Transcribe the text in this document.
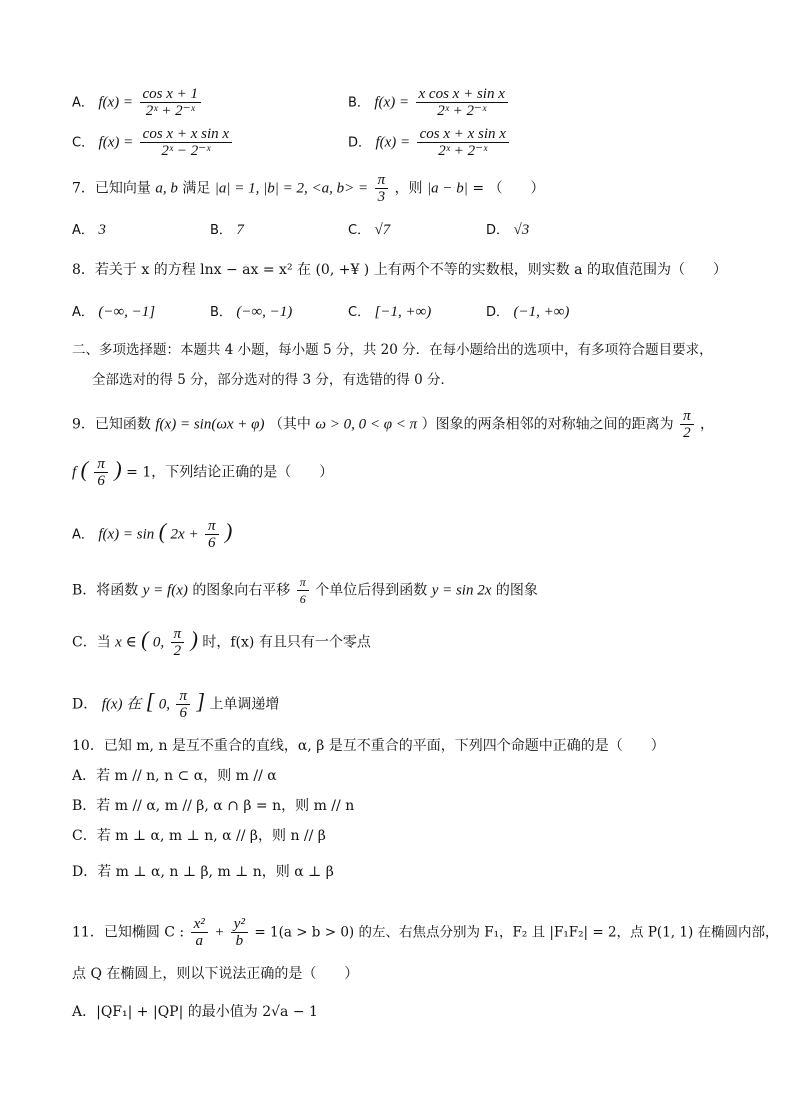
A． $f(x) = \frac{\text{cos x + 1}}{\text{2ˣ + 2⁻ˣ}}$	B． $f(x) = \frac{\text{x cos x + sin x}}{\text{2ˣ + 2⁻ˣ}}$
C． $f(x) = \frac{\text{cos x + x sin x}}{\text{2ˣ − 2⁻ˣ}}$	D． $f(x) = \frac{\text{cos x + x sin x}}{\text{2ˣ + 2⁻ˣ}}$
7．已知向量 a, b 满足 |a| = 1, |b| = 2, <a, $b> = \frac{\pi}{3}$ ，则 |a − b| = （　　）
A． 3	B． 7	C． √7	D． √3
8．若关于 x 的方程 lnx − ax = x² 在 (0, +¥ ) 上有两个不等的实数根，则实数 a 的取值范围为（　　）
A． (−∞, −1]	B． (−∞, −1)	C． [−1, +∞)	D． (−1, +∞)
二、多项选择题：本题共 4 小题，每小题 5 分，共 20 分．在每小题给出的选项中，有多项符合题目要求，
全部选对的得 5 分，部分选对的得 3 分，有选错的得 0 分．
9．已知函数 f(x) = sin(ωx + φ) （其中 ω > 0, 0 < φ < π ）图象的两条相邻的对称轴之间的距离为 $\frac{\pi}{2}$ ，
f ( $\frac{\pi}{6}$ ) = 1，下列结论正确的是（　　）
A． f(x) = sin ( $2x + \frac{\pi}{6}$ )
B．将函数 y = f(x) 的图象向右平移 $\frac{\pi}{6}$ 个单位后得到函数 y = sin 2x 的图象
C．当 x ∈ ( 0, $\frac{\pi}{2}$ ) 时，f(x) 有且只有一个零点
D． f(x) 在 [ 0, $\frac{\pi}{6}$ ] 上单调递增
10．已知 m, n 是互不重合的直线，α, β 是互不重合的平面，下列四个命题中正确的是（　　）
A．若 m // n, n ⊂ α，则 m // α
B．若 m // α, m // β, α ∩ β = n，则 m // n
C．若 m ⊥ α, m ⊥ n, α // β，则 n // β
D．若 m ⊥ α, n ⊥ β, m ⊥ n，则 α ⊥ β
11．已知椭圆 C : $\frac{\text{x²}}{a} + \frac{\text{y²}}{b} = 1(a > b > 0)$ 的左、右焦点分别为 F₁，F₂ 且 |F₁F₂| = 2，点 P(1, 1) 在椭圆内部，
点 Q 在椭圆上，则以下说法正确的是（　　）
A．|QF₁| + |QP| 的最小值为 2√a − 1
